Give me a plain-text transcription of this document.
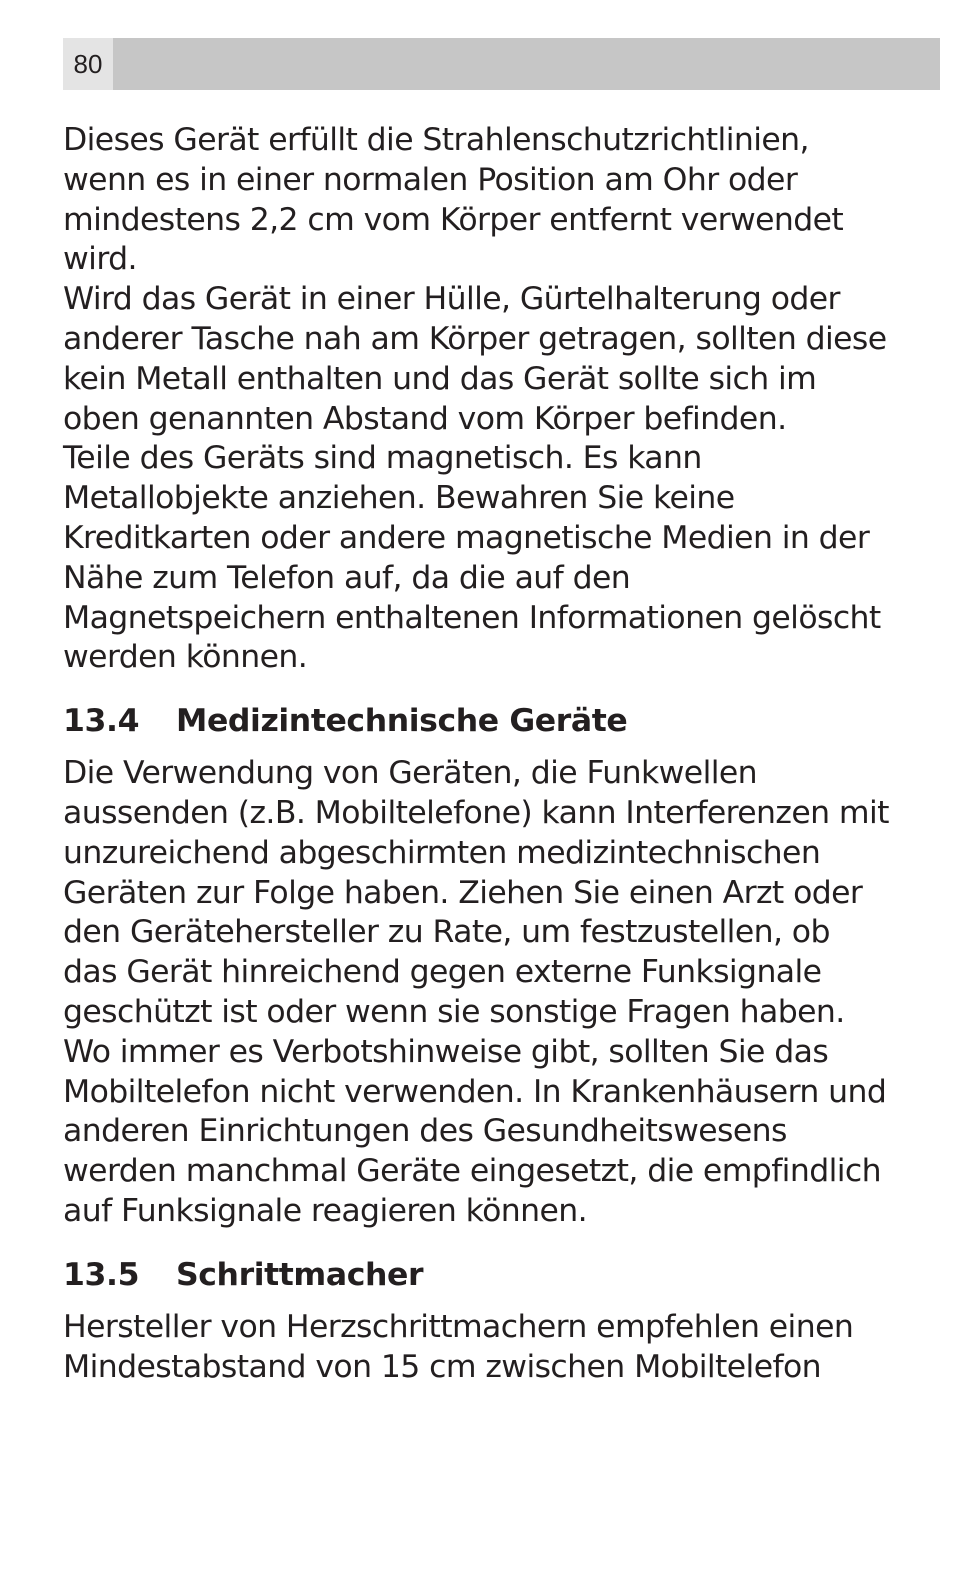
80

Dieses Gerät erfüllt die Strahlenschutzrichtlinien, wenn es in einer normalen Position am Ohr oder mindestens 2,2 cm vom Körper entfernt verwendet wird.

Wird das Gerät in einer Hülle, Gürtelhalterung oder anderer Tasche nah am Körper getragen, sollten diese kein Metall enthalten und das Gerät sollte sich im oben genannten Abstand vom Körper befinden.

Teile des Geräts sind magnetisch. Es kann Metallobjekte anziehen. Bewahren Sie keine Kreditkarten oder andere magnetische Medien in der Nähe zum Telefon auf, da die auf den Magnetspeichern enthaltenen Informationen gelöscht werden können.

13.4	Medizintechnische Geräte

Die Verwendung von Geräten, die Funkwellen aussenden (z.B. Mobiltelefone) kann Interferenzen mit unzureichend abgeschirmten medizintechnischen Geräten zur Folge haben. Ziehen Sie einen Arzt oder den Gerätehersteller zu Rate, um festzustellen, ob das Gerät hinreichend gegen externe Funksignale geschützt ist oder wenn sie sonstige Fragen haben. Wo immer es Verbotshinweise gibt, sollten Sie das Mobiltelefon nicht verwenden. In Krankenhäusern und anderen Einrichtungen des Gesundheitswesens werden manchmal Geräte eingesetzt, die empfindlich auf Funksignale reagieren können.

13.5	Schrittmacher

Hersteller von Herzschrittmachern empfehlen einen Mindestabstand von 15 cm zwischen Mobiltelefon
